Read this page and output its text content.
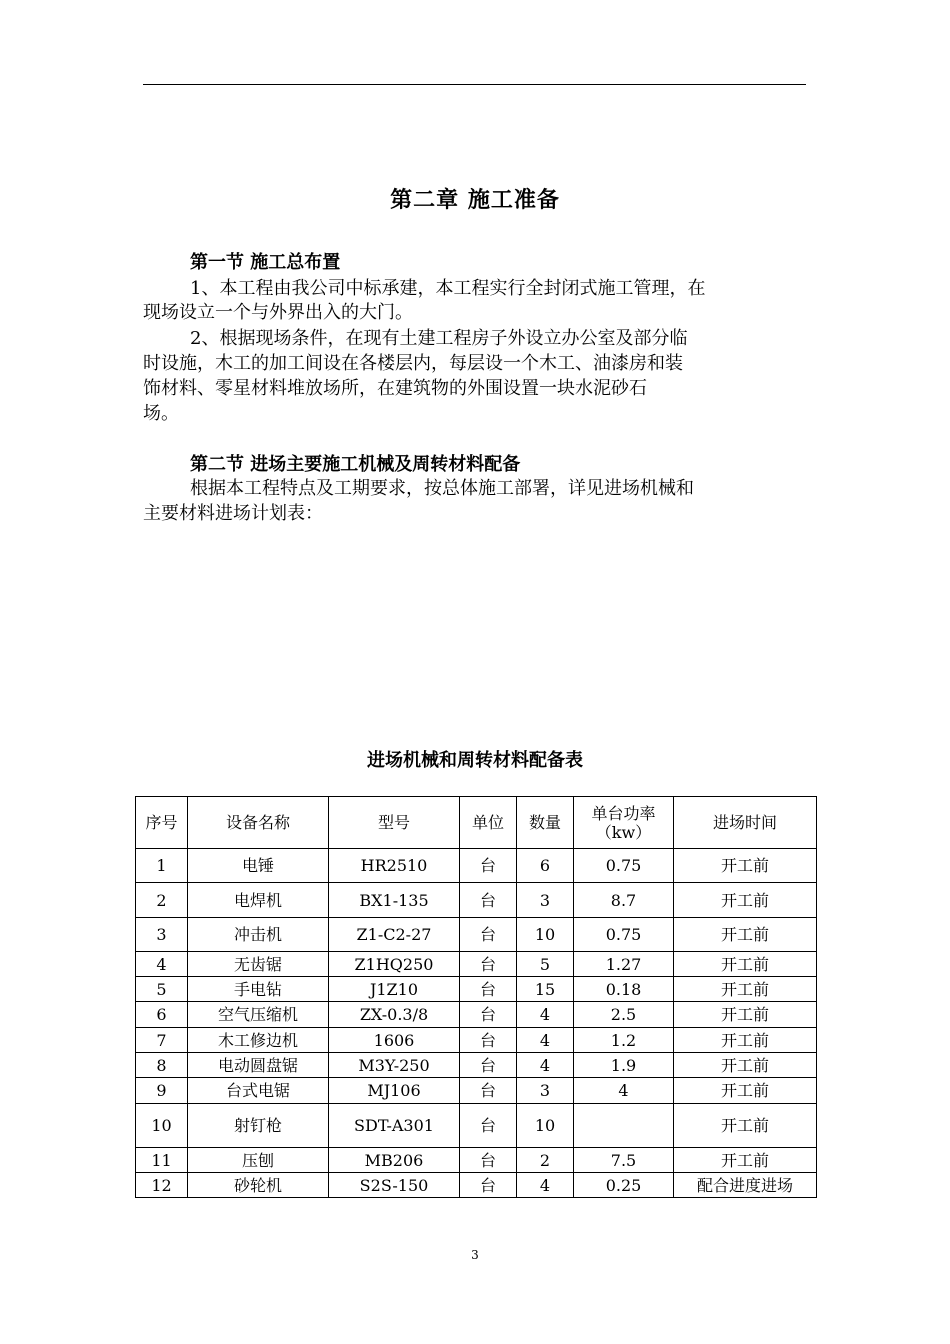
第二章 施工准备
第一节 施工总布置
1、本工程由我公司中标承建，本工程实行全封闭式施工管理，在
现场设立一个与外界出入的大门。
2、根据现场条件，在现有土建工程房子外设立办公室及部分临
时设施，木工的加工间设在各楼层内，每层设一个木工、油漆房和装
饰材料、零星材料堆放场所，在建筑物的外围设置一块水泥砂石
场。
第二节 进场主要施工机械及周转材料配备
根据本工程特点及工期要求，按总体施工部署，详见进场机械和
主要材料进场计划表：
进场机械和周转材料配备表
序号	设备名称	型号	单位	数量	单台功率（kw）	进场时间
1	电锤	HR2510	台	6	0.75	开工前
2	电焊机	BX1-135	台	3	8.7	开工前
3	冲击机	Z1-C2-27	台	10	0.75	开工前
4	无齿锯	Z1HQ250	台	5	1.27	开工前
5	手电钻	J1Z10	台	15	0.18	开工前
6	空气压缩机	ZX-0.3/8	台	4	2.5	开工前
7	木工修边机	1606	台	4	1.2	开工前
8	电动圆盘锯	M3Y-250	台	4	1.9	开工前
9	台式电锯	MJ106	台	3	4	开工前
10	射钉枪	SDT-A301	台	10		开工前
11	压刨	MB206	台	2	7.5	开工前
12	砂轮机	S2S-150	台	4	0.25	配合进度进场
3
